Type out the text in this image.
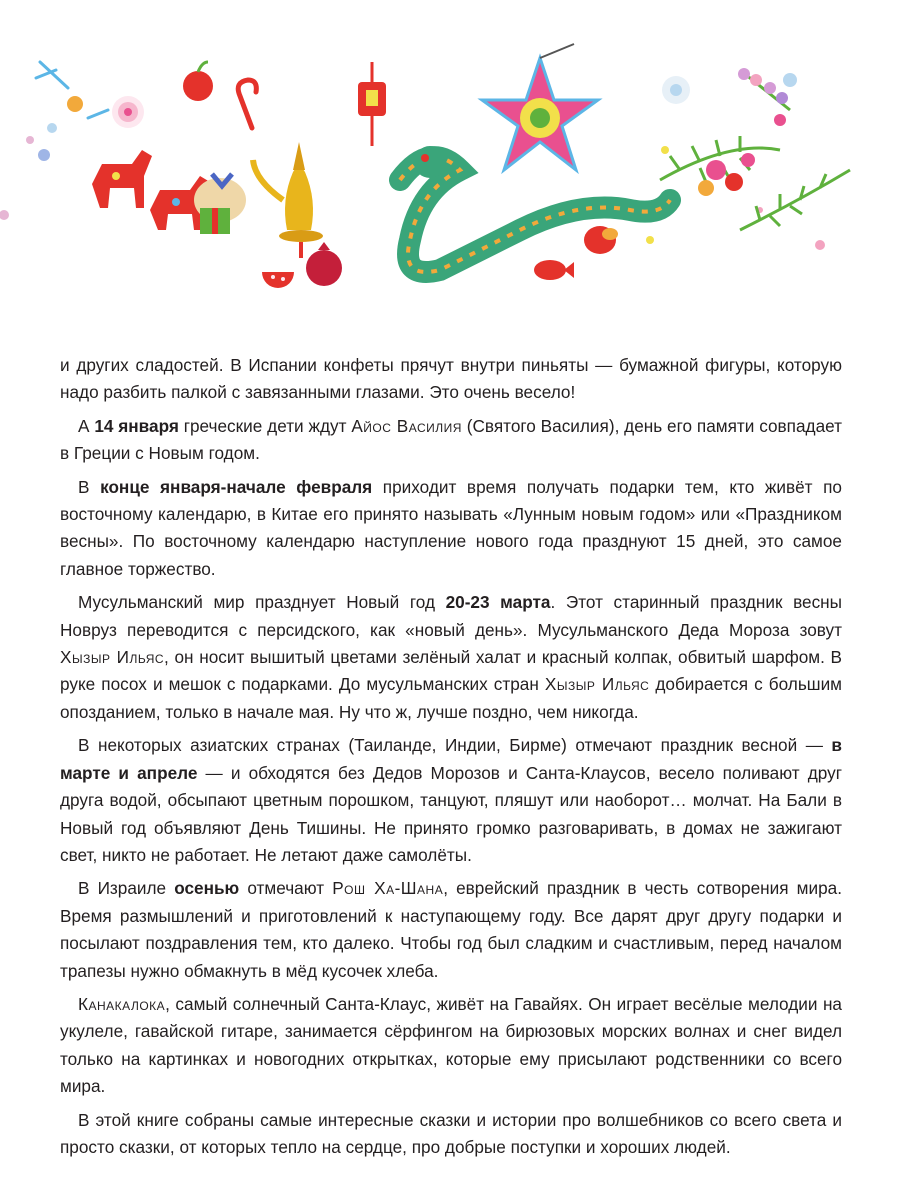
и других сладостей. В Испании конфеты прячут внутри пиньяты — бумажной фигуры, которую надо разбить палкой с завязанными глазами. Это очень весело!

А 14 января греческие дети ждут Айос Василия (Святого Василия), день его памяти совпадает в Греции с Новым годом.

В конце января-начале февраля приходит время получать подарки тем, кто живёт по восточному календарю, в Китае его принято называть «Лунным новым годом» или «Праздником весны». По восточному календарю наступление нового года празднуют 15 дней, это самое главное торжество.

Мусульманский мир празднует Новый год 20-23 марта. Этот старинный праздник весны Новруз переводится с персидского, как «новый день». Мусульманского Деда Мороза зовут Хызыр Ильяс, он носит вышитый цветами зелёный халат и красный колпак, обвитый шарфом. В руке посох и мешок с подарками. До мусульманских стран Хызыр Ильяс добирается с большим опозданием, только в начале мая. Ну что ж, лучше поздно, чем никогда.

В некоторых азиатских странах (Таиланде, Индии, Бирме) отмечают праздник весной — в марте и апреле — и обходятся без Дедов Морозов и Санта-Клаусов, весело поливают друг друга водой, обсыпают цветным порошком, танцуют, пляшут или наоборот… молчат. На Бали в Новый год объявляют День Тишины. Не принято громко разговаривать, в домах не зажигают свет, никто не работает. Не летают даже самолёты.

В Израиле осенью отмечают Рош Ха-Шана, еврейский праздник в честь сотворения мира. Время размышлений и приготовлений к наступающему году. Все дарят друг другу подарки и посылают поздравления тем, кто далеко. Чтобы год был сладким и счастливым, перед началом трапезы нужно обмакнуть в мёд кусочек хлеба.

Канакалока, самый солнечный Санта-Клаус, живёт на Гавайях. Он играет весёлые мелодии на укулеле, гавайской гитаре, занимается сёрфингом на бирюзовых морских волнах и снег видел только на картинках и новогодних открытках, которые ему присылают родственники со всего мира.

В этой книге собраны самые интересные сказки и истории про волшебников со всего света и просто сказки, от которых тепло на сердце, про добрые поступки и хороших людей.
